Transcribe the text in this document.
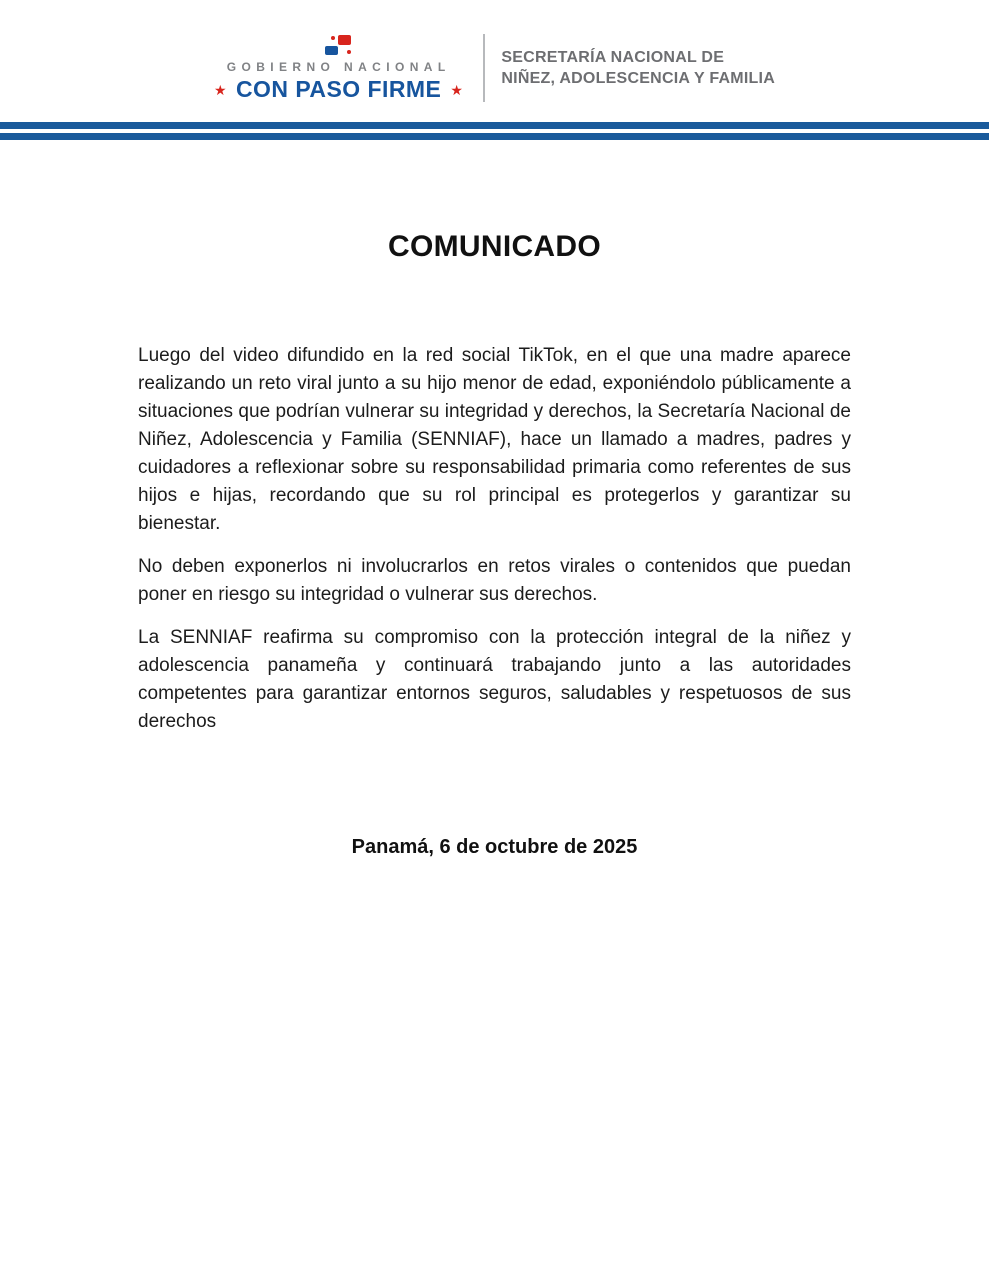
GOBIERNO NACIONAL
★ CON PASO FIRME ★
SECRETARÍA NACIONAL DE
NIÑEZ, ADOLESCENCIA Y FAMILIA
COMUNICADO

Luego del video difundido en la red social TikTok, en el que una madre aparece realizando un reto viral junto a su hijo menor de edad, exponiéndolo públicamente a situaciones que podrían vulnerar su integridad y derechos, la Secretaría Nacional de Niñez, Adolescencia y Familia (SENNIAF), hace un llamado a madres, padres y cuidadores a reflexionar sobre su responsabilidad primaria como referentes de sus hijos e hijas, recordando que su rol principal es protegerlos y garantizar su bienestar.

No deben exponerlos ni involucrarlos en retos virales o contenidos que puedan poner en riesgo su integridad o vulnerar sus derechos.

La SENNIAF reafirma su compromiso con la protección integral de la niñez y adolescencia panameña y continuará trabajando junto a las autoridades competentes para garantizar entornos seguros, saludables y respetuosos de sus derechos

Panamá, 6 de octubre de 2025
